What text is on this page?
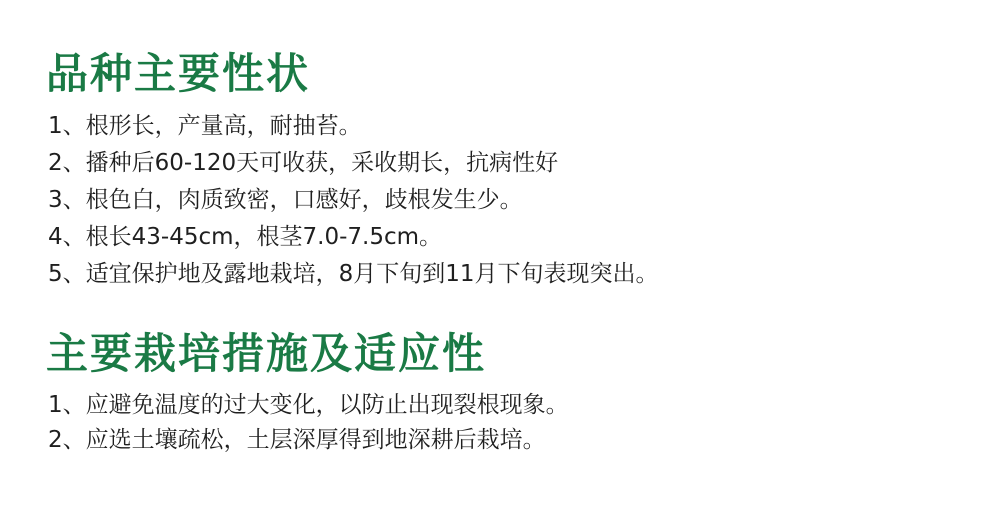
品种主要性状
1、根形长，产量高，耐抽苔。
2、播种后60-120天可收获，采收期长，抗病性好
3、根色白，肉质致密，口感好，歧根发生少。
4、根长43-45cm，根茎7.0-7.5cm。
5、适宜保护地及露地栽培，8月下旬到11月下旬表现突出。
主要栽培措施及适应性
1、应避免温度的过大变化，以防止出现裂根现象。
2、应选土壤疏松，土层深厚得到地深耕后栽培。
